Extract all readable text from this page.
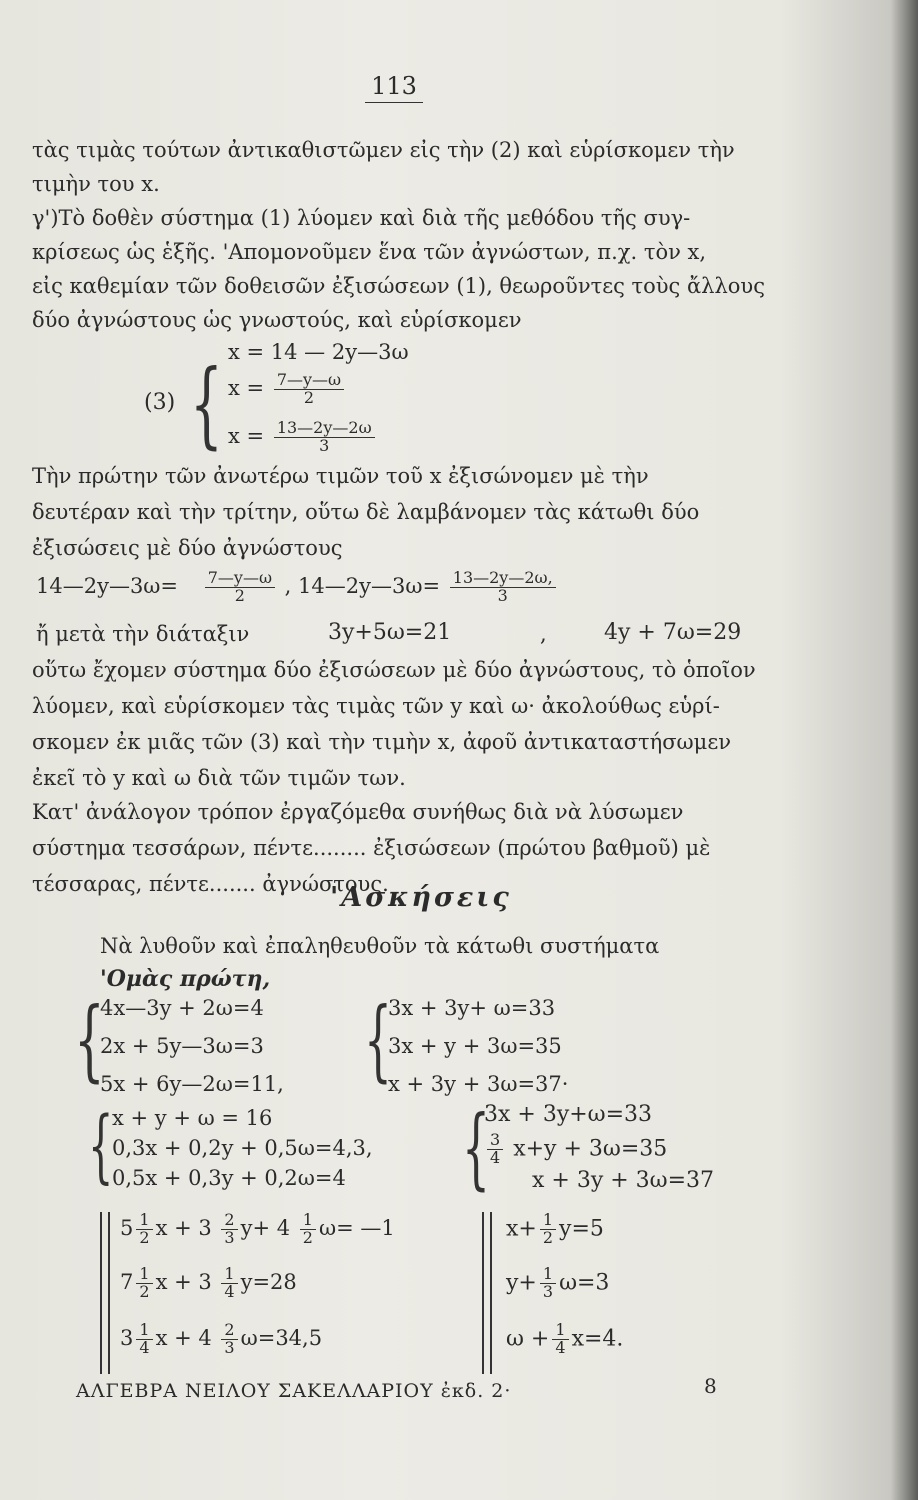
113
τὰς τιμὰς τούτων ἀντικαθιστῶμεν εἰς τὴν (2) καὶ εὑρίσκομεν τὴν
τιμὴν του x.
γ')Τὸ δοθὲν σύστημα (1) λύομεν καὶ διὰ τῆς μεθόδου τῆς συγ-
κρίσεως ὡς ἑξῆς. 'Απομονοῦμεν ἕνα τῶν ἀγνώστων, π.χ. τὸν x,
εἰς καθεμίαν τῶν δοθεισῶν ἐξισώσεων (1), θεωροῦντες τοὺς ἄλλους
δύο ἀγνώστους ὡς γνωστούς, καὶ εὑρίσκομεν
(3) { x = 14 — 2y—3ω
$x = \frac{7—y—\omega}{2}$
$x = \frac{13—2y—2\omega}{3}$
Τὴν πρώτην τῶν ἀνωτέρω τιμῶν τοῦ x ἐξισώνομεν μὲ τὴν
δευτέραν καὶ τὴν τρίτην, οὕτω δὲ λαμβάνομεν τὰς κάτωθι δύο
ἐξισώσεις μὲ δύο ἀγνώστους
14—2y—3ω= $\frac{7—y—\omega}{2}$ , 14—2y—3ω= $\frac{13—2y—2\omega,}{3}$
ἤ μετὰ τὴν διάταξιν	3y+5ω=21	,	4y + 7ω=29
οὕτω ἔχομεν σύστημα δύο ἐξισώσεων μὲ δύο ἀγνώστους, τὸ ὁποῖον
λύομεν, καὶ εὑρίσκομεν τὰς τιμὰς τῶν y καὶ ω· ἀκολούθως εὑρί-
σκομεν ἐκ μιᾶς τῶν (3) καὶ τὴν τιμὴν x, ἀφοῦ ἀντικαταστήσωμεν
ἐκεῖ τὸ y καὶ ω διὰ τῶν τιμῶν των.
Κατ' ἀνάλογον τρόπον ἐργαζόμεθα συνήθως διὰ νὰ λύσωμεν
σύστημα τεσσάρων, πέντε........ ἐξισώσεων (πρώτου βαθμοῦ) μὲ
τέσσαρας, πέντε....... ἀγνώστους.
'Ασκήσεις
Νὰ λυθοῦν καὶ ἐπαληθευθοῦν τὰ κάτωθι συστήματα
'Ομὰς πρώτη,
{
4x—3y + 2ω=4
2x + 5y—3ω=3
5x + 6y—2ω=11, {
3x + 3y+ ω=33
3x + y + 3ω=35
x + 3y + 3ω=37·
{
x + y + ω = 16
0,3x + 0,2y + 0,5ω=4,3,
0,5x + 0,3y + 0,2ω=4 {
3x + 3y+ω=33
$\frac{3}{4} x+y + 3\omega=35$
x + 3y + 3ω=37
$5 \frac{1}{2}$ $x + 3 \frac{2}{3} y+ 4 \frac{1}{2} \omega=$ —1
$7 \frac{1}{2}$ $x + 3 \frac{1}{4} y=28$
$3 \frac{1}{4}$ $x + 4 \frac{2}{3} \omega=34,5$
$x+ \frac{1}{2} y=5$
$y+ \frac{1}{3} \omega=3$
$\omega + \frac{1}{4} x=4$.
ΑΛΓΕΒΡΑ ΝΕΙΛΟΥ ΣΑΚΕΛΛΑΡΙΟΥ ἐκδ. 2·	8
